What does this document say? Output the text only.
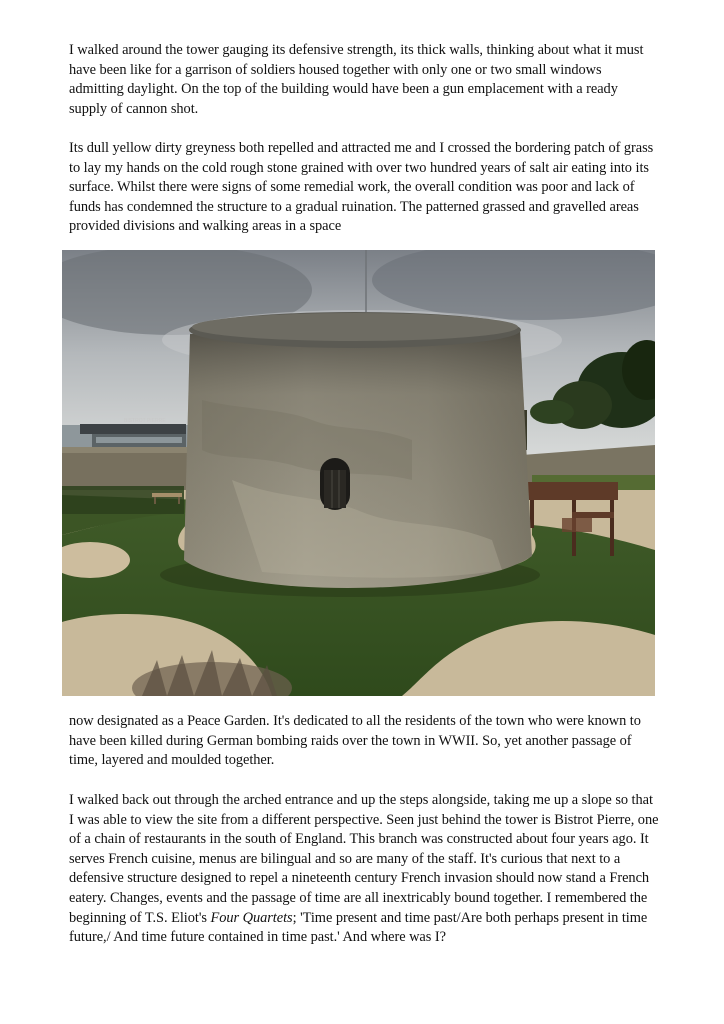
I walked around the tower gauging its defensive strength, its thick walls, thinking about what it must have been like for a garrison of soldiers housed together with only one or two small windows admitting daylight. On the top of the building would have been a gun emplacement with a ready supply of cannon shot.

Its dull yellow dirty greyness both repelled and attracted me and I crossed the bordering patch of grass to lay my hands on the cold rough stone grained with over two hundred years of salt air eating into its surface. Whilst there were signs of some remedial work, the overall condition was poor and lack of funds has condemned the structure to a gradual ruination. The patterned grassed and gravelled areas provided divisions and walking areas in a space

BISTROT PIERRE

now designated as a Peace Garden. It's dedicated to all the residents of the town who were known to have been killed during German bombing raids over the town in WWII. So, yet another passage of time, layered and moulded together.

I walked back out through the arched entrance and up the steps alongside, taking me up a slope so that I was able to view the site from a different perspective. Seen just behind the tower is Bistrot Pierre, one of a chain of restaurants in the south of England. This branch was constructed about four years ago. It serves French cuisine, menus are bilingual and so are many of the staff. It's curious that next to a defensive structure designed to repel a nineteenth century French invasion should now stand a French eatery. Changes, events and the passage of time are all inextricably bound together. I remembered the beginning of T.S. Eliot's Four Quartets; 'Time present and time past/Are both perhaps present in time future,/ And time future contained in time past.' And where was I?
